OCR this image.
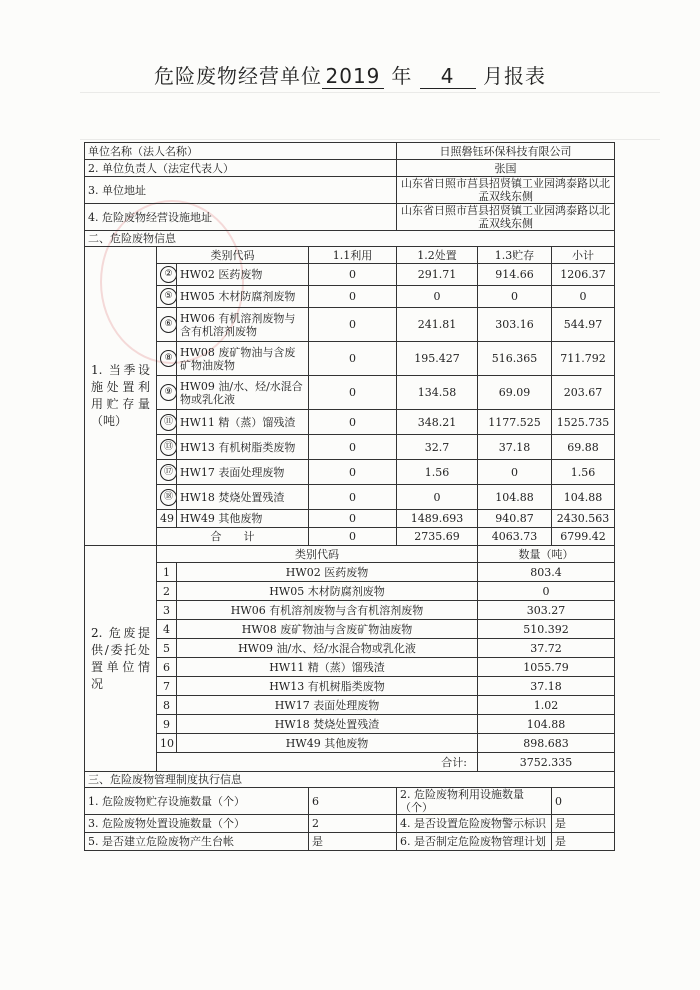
危险废物经营单位 2019 年 4 月报表
单位名称（法人名称）				日照磐钰环保科技有限公司		
2. 单位负责人（法定代表人）				张国		
3. 单位地址				山东省日照市莒县招贤镇工业园鸿泰路以北孟双线东侧		
4. 危险废物经营设施地址				山东省日照市莒县招贤镇工业园鸿泰路以北孟双线东侧		
二、危险废物信息						
1. 当季设施处置利用贮存量（吨）	类别代码		1.1利用	1.2处置	1.3贮存	小计
	②	HW02 医药废物	0	291.71	914.66	1206.37
	⑤	HW05 木材防腐剂废物	0	0	0	0
	⑥	HW06 有机溶剂废物与含有机溶剂废物	0	241.81	303.16	544.97
	⑧	HW08 废矿物油与含废矿物油废物	0	195.427	516.365	711.792
	⑨	HW09 油/水、烃/水混合物或乳化液	0	134.58	69.09	203.67
	⑪	HW11 精（蒸）馏残渣	0	348.21	1177.525	1525.735
	⑬	HW13 有机树脂类废物	0	32.7	37.18	69.88
	⑰	HW17 表面处理废物	0	1.56	0	1.56
	⑱	HW18 焚烧处置残渣	0	0	104.88	104.88
	49	HW49 其他废物	0	1489.693	940.87	2430.563
	合　　计		0	2735.69	4063.73	6799.42
2. 危废提供/委托处置单位情况	类别代码				数量（吨）	
	1	HW02 医药废物			803.4	
	2	HW05 木材防腐剂废物			0	
	3	HW06 有机溶剂废物与含有机溶剂废物			303.27	
	4	HW08 废矿物油与含废矿物油废物			510.392	
	5	HW09 油/水、烃/水混合物或乳化液			37.72	
	6	HW11 精（蒸）馏残渣			1055.79	
	7	HW13 有机树脂类废物			37.18	
	8	HW17 表面处理废物			1.02	
	9	HW18 焚烧处置残渣			104.88	
	10	HW49 其他废物			898.683	
	合计:				3752.335	
三、危险废物管理制度执行信息						
1. 危险废物贮存设施数量（个）			6	2. 危险废物利用设施数量（个）		0
3. 危险废物处置设施数量（个）			2	4. 是否设置危险废物警示标识		是
5. 是否建立危险废物产生台帐			是	6. 是否制定危险废物管理计划		是
